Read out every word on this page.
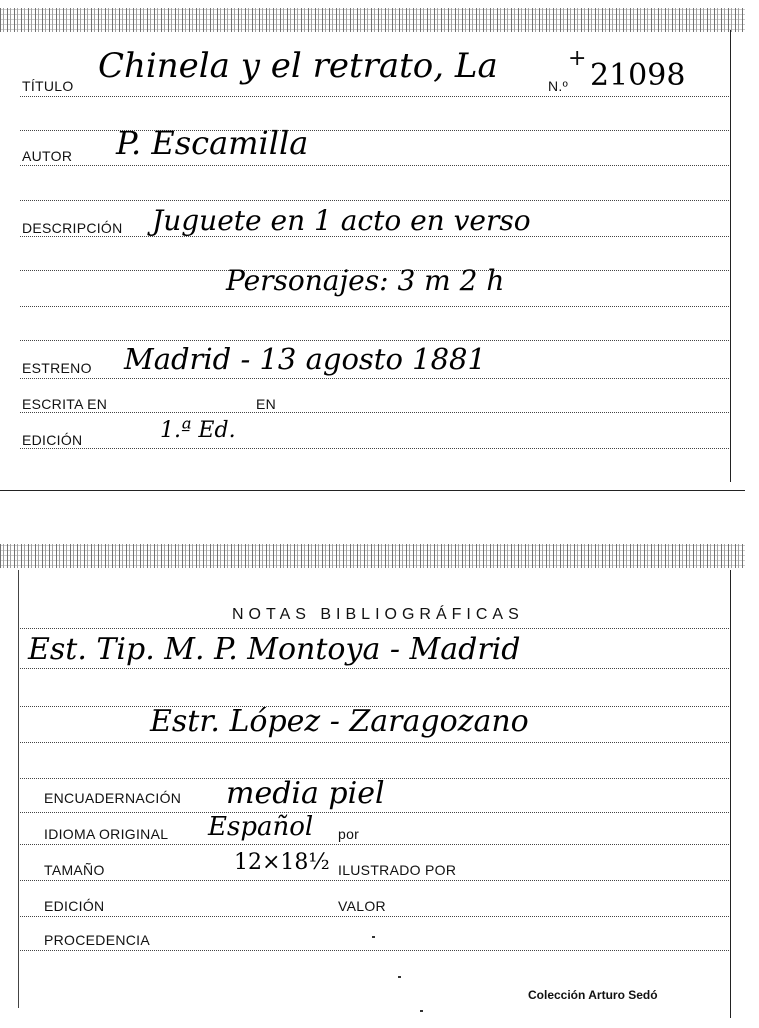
TÍTULO Chinela y el retrato, La	+
N.º 21098
AUTOR P. Escamilla
DESCRIPCIÓN Juguete en 1 acto en verso
Personajes: 3 m 2 h
ESTRENO Madrid - 13 agosto 1881
ESCRITA EN	EN
EDICIÓN	1.ª Ed.
NOTAS BIBLIOGRÁFICAS
Est. Tip. M. P. Montoya - Madrid
Estr. López - Zaragozano
ENCUADERNACIÓN media piel
IDIOMA ORIGINAL Español por
TAMAÑO	12×18½ ILUSTRADO POR
EDICIÓN	VALOR
PROCEDENCIA
Colección Arturo Sedó
